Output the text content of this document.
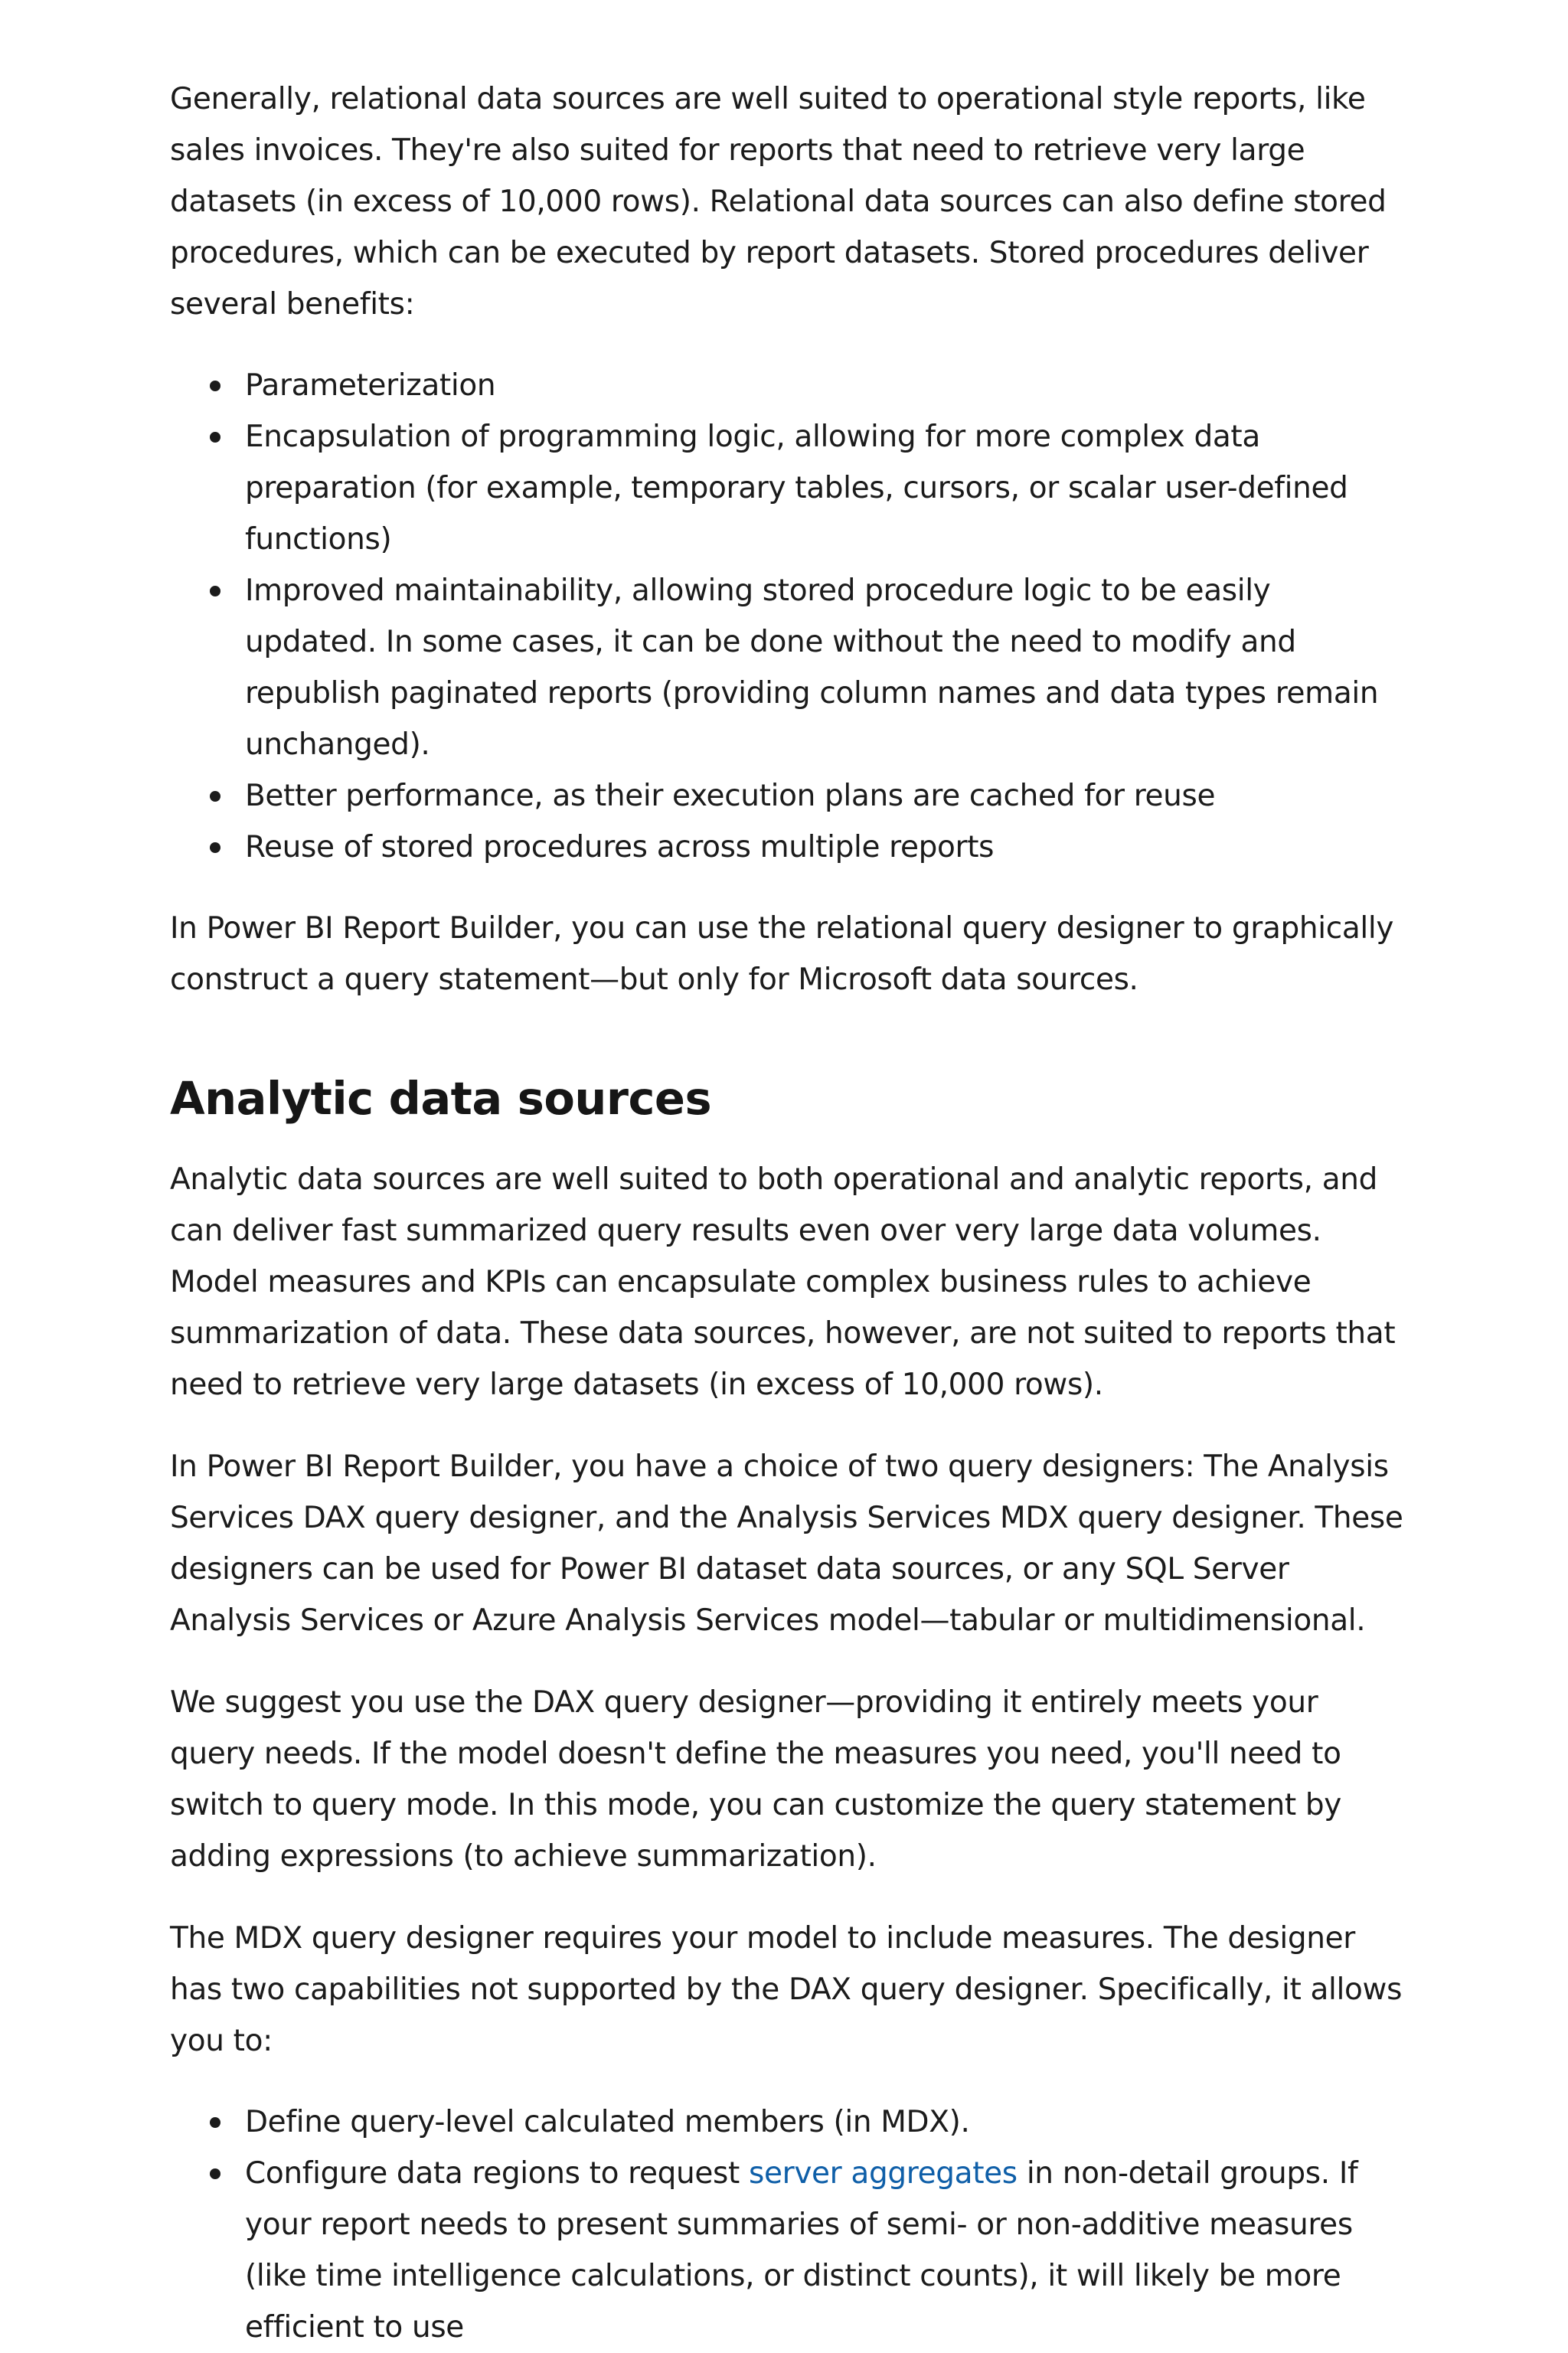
Generally, relational data sources are well suited to operational style reports, like sales invoices. They're also suited for reports that need to retrieve very large datasets (in excess of 10,000 rows). Relational data sources can also define stored procedures, which can be executed by report datasets. Stored procedures deliver several benefits:

Parameterization
Encapsulation of programming logic, allowing for more complex data preparation (for example, temporary tables, cursors, or scalar user-defined functions)
Improved maintainability, allowing stored procedure logic to be easily updated. In some cases, it can be done without the need to modify and republish paginated reports (providing column names and data types remain unchanged).
Better performance, as their execution plans are cached for reuse
Reuse of stored procedures across multiple reports

In Power BI Report Builder, you can use the relational query designer to graphically construct a query statement—but only for Microsoft data sources.

Analytic data sources

Analytic data sources are well suited to both operational and analytic reports, and can deliver fast summarized query results even over very large data volumes. Model measures and KPIs can encapsulate complex business rules to achieve summarization of data. These data sources, however, are not suited to reports that need to retrieve very large datasets (in excess of 10,000 rows).

In Power BI Report Builder, you have a choice of two query designers: The Analysis Services DAX query designer, and the Analysis Services MDX query designer. These designers can be used for Power BI dataset data sources, or any SQL Server Analysis Services or Azure Analysis Services model—tabular or multidimensional.

We suggest you use the DAX query designer—providing it entirely meets your query needs. If the model doesn't define the measures you need, you'll need to switch to query mode. In this mode, you can customize the query statement by adding expressions (to achieve summarization).

The MDX query designer requires your model to include measures. The designer has two capabilities not supported by the DAX query designer. Specifically, it allows you to:

Define query-level calculated members (in MDX).
Configure data regions to request server aggregates in non-detail groups. If your report needs to present summaries of semi- or non-additive measures (like time intelligence calculations, or distinct counts), it will likely be more efficient to use
